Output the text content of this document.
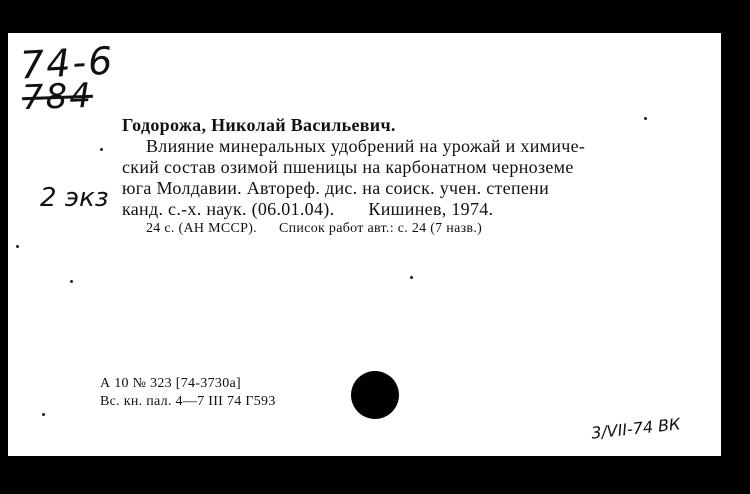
74-6
784
2 экз
Годорожа, Николай Васильевич.
Влияние минеральных удобрений на урожай и химиче-
ский состав озимой пшеницы на карбонатном черноземе
юга Молдавии. Автореф. дис. на соиск. учен. степени
канд. с.-х. наук. (06.01.04). Кишинев, 1974.
24 с. (АН МССР). Список работ авт.: с. 24 (7 назв.)
А 10 № 323 [74-3730а]
Вс. кн. пал. 4—7 III 74 Г593
3/VII-74 ВК
